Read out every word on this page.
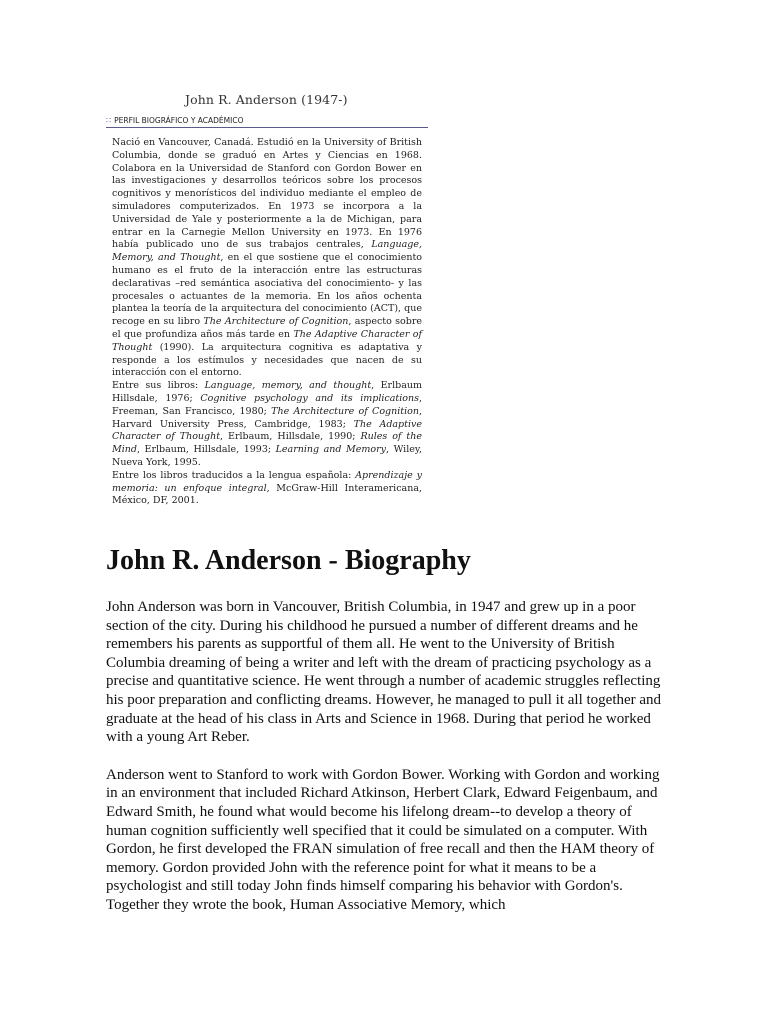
John R. Anderson (1947-)
∷ PERFIL BIOGRÁFICO Y ACADÉMICO

Nació en Vancouver, Canadá. Estudió en la University of British Columbia, donde se graduó en Artes y Ciencias en 1968. Colabora en la Universidad de Stanford con Gordon Bower en las investigaciones y desarrollos teóricos sobre los procesos cognitivos y menorísticos del individuo mediante el empleo de simuladores computerizados. En 1973 se incorpora a la Universidad de Yale y posteriormente a la de Michigan, para entrar en la Carnegie Mellon University en 1973. En 1976 había publicado uno de sus trabajos centrales, Language, Memory, and Thought, en el que sostiene que el conocimiento humano es el fruto de la interacción entre las estructuras declarativas –red semántica asociativa del conocimiento- y las procesales o actuantes de la memoria. En los años ochenta plantea la teoría de la arquitectura del conocimiento (ACT), que recoge en su libro The Architecture of Cognition, aspecto sobre el que profundiza años más tarde en The Adaptive Character of Thought (1990). La arquitectura cognitiva es adaptativa y responde a los estímulos y necesidades que nacen de su interacción con el entorno.

Entre sus libros: Language, memory, and thought, Erlbaum Hillsdale, 1976; Cognitive psychology and its implications, Freeman, San Francisco, 1980; The Architecture of Cognition, Harvard University Press, Cambridge, 1983; The Adaptive Character of Thought, Erlbaum, Hillsdale, 1990; Rules of the Mind, Erlbaum, Hillsdale, 1993; Learning and Memory, Wiley, Nueva York, 1995.

Entre los libros traducidos a la lengua española: Aprendizaje y memoria: un enfoque integral, McGraw-Hill Interamericana, México, DF, 2001.

John R. Anderson - Biography

John Anderson was born in Vancouver, British Columbia, in 1947 and grew up in a poor section of the city. During his childhood he pursued a number of different dreams and he remembers his parents as supportful of them all. He went to the University of British Columbia dreaming of being a writer and left with the dream of practicing psychology as a precise and quantitative science. He went through a number of academic struggles reflecting his poor preparation and conflicting dreams. However, he managed to pull it all together and graduate at the head of his class in Arts and Science in 1968. During that period he worked with a young Art Reber.

Anderson went to Stanford to work with Gordon Bower. Working with Gordon and working in an environment that included Richard Atkinson, Herbert Clark, Edward Feigenbaum, and Edward Smith, he found what would become his lifelong dream--to develop a theory of human cognition sufficiently well specified that it could be simulated on a computer. With Gordon, he first developed the FRAN simulation of free recall and then the HAM theory of memory. Gordon provided John with the reference point for what it means to be a psychologist and still today John finds himself comparing his behavior with Gordon's. Together they wrote the book, Human Associative Memory, which
